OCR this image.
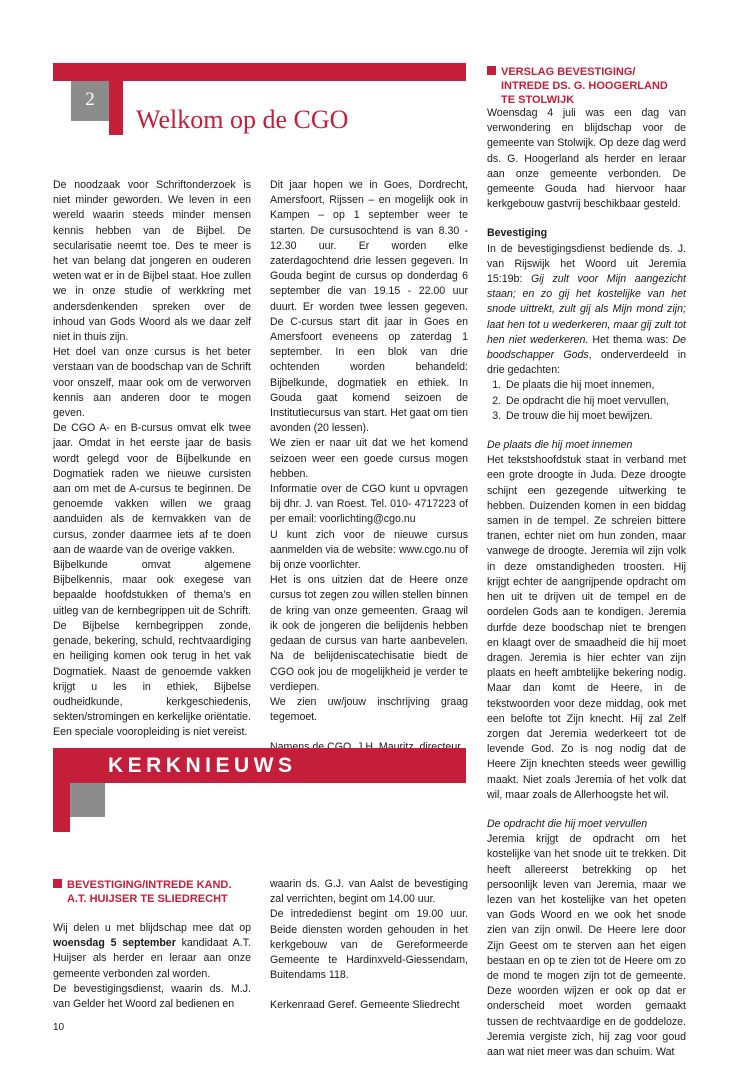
2
Welkom op de CGO

De noodzaak voor Schriftonderzoek is niet minder geworden. We leven in een wereld waarin steeds minder mensen kennis hebben van de Bijbel. De secularisatie neemt toe. Des te meer is het van belang dat jongeren en ouderen weten wat er in de Bijbel staat. Hoe zullen we in onze studie of werkkring met andersdenkenden spreken over de inhoud van Gods Woord als we daar zelf niet in thuis zijn.

Het doel van onze cursus is het beter verstaan van de boodschap van de Schrift voor onszelf, maar ook om de verworven kennis aan anderen door te mogen geven.

De CGO A- en B-cursus omvat elk twee jaar. Omdat in het eerste jaar de basis wordt gelegd voor de Bijbelkunde en Dogmatiek raden we nieuwe cursisten aan om met de A-cursus te beginnen. De genoemde vakken willen we graag aanduiden als de kernvakken van de cursus, zonder daarmee iets af te doen aan de waarde van de overige vakken.

Bijbelkunde omvat algemene Bijbelkennis, maar ook exegese van bepaalde hoofdstukken of thema’s en uitleg van de kernbegrippen uit de Schrift. De Bijbelse kernbegrippen zonde, genade, bekering, schuld, rechtvaardiging en heiliging komen ook terug in het vak Dogmatiek. Naast de genoemde vakken krijgt u les in ethiek, Bijbelse oudheidkunde, kerkgeschiedenis, sekten/stromingen en kerkelijke oriëntatie. Een speciale vooropleiding is niet vereist.

Dit jaar hopen we in Goes, Dordrecht, Amersfoort, Rijssen – en mogelijk ook in Kampen – op 1 september weer te starten. De cursusochtend is van 8.30 - 12.30 uur. Er worden elke zaterdagochtend drie lessen gegeven. In Gouda begint de cursus op donderdag 6 september die van 19.15 - 22.00 uur duurt. Er worden twee lessen gegeven. De C-cursus start dit jaar in Goes en Amersfoort eveneens op zaterdag 1 september. In een blok van drie ochtenden worden behandeld: Bijbelkunde, dogmatiek en ethiek. In Gouda gaat komend seizoen de Institutiecursus van start. Het gaat om tien avonden (20 lessen).

We zien er naar uit dat we het komend seizoen weer een goede cursus mogen hebben.

Informatie over de CGO kunt u opvragen bij dhr. J. van Roest. Tel. 010- 4717223 of per email: voorlichting@cgo.nu

U kunt zich voor de nieuwe cursus aanmelden via de website: www.cgo.nu of bij onze voorlichter.

Het is ons uitzien dat de Heere onze cursus tot zegen zou willen stellen binnen de kring van onze gemeenten. Graag wil ik ook de jongeren die belijdenis hebben gedaan de cursus van harte aanbevelen. Na de belijdeniscatechisatie biedt de CGO ook jou de mogelijkheid je verder te verdiepen.

We zien uw/jouw inschrijving graag tegemoet.

KERKNIEUWS
BEVESTIGING/INTREDE KAND.
A.T. HUIJSER TE SLIEDRECHT

Wij delen u met blijdschap mee dat op woensdag 5 september kandidaat A.T. Huijser als herder en leraar aan onze gemeente verbonden zal worden.

De bevestigingsdienst, waarin ds. M.J. van Gelder het Woord zal bedienen en

waarin ds. G.J. van Aalst de bevestiging zal verrichten, begint om 14.00 uur.

De intrededienst begint om 19.00 uur. Beide diensten worden gehouden in het kerkgebouw van de Gereformeerde Gemeente te Hardinxveld-Giessendam, Buitendams 118.

Kerkenraad Geref. Gemeente Sliedrecht

10
VERSLAG BEVESTIGING/
INTREDE DS. G. HOOGERLAND
TE STOLWIJK

Woensdag 4 juli was een dag van verwondering en blijdschap voor de gemeente van Stolwijk. Op deze dag werd ds. G. Hoogerland als herder en leraar aan onze gemeente verbonden. De gemeente Gouda had hiervoor haar kerkgebouw gastvrij beschikbaar gesteld.

Bevestiging

In de bevestigingsdienst bediende ds. J. van Rijswijk het Woord uit Jeremia 15:19b: Gij zult voor Mijn aangezicht staan; en zo gij het kostelijke van het snode uittrekt, zult gij als Mijn mond zijn; laat hen tot u wederkeren, maar gij zult tot hen niet wederkeren. Het thema was: De boodschapper Gods, onderverdeeld in drie gedachten:

1. De plaats die hij moet innemen,
2. De opdracht die hij moet vervullen,
3. De trouw die hij moet bewijzen.

De plaats die hij moet innemen

Het tekstshoofdstuk staat in verband met een grote droogte in Juda. Deze droogte schijnt een gezegende uitwerking te hebben. Duizenden komen in een biddag samen in de tempel. Ze schreien bittere tranen, echter niet om hun zonden, maar vanwege de droogte. Jeremia wil zijn volk in deze omstandigheden troosten. Hij krijgt echter de aangrijpende opdracht om hen uit te drijven uit de tempel en de oordelen Gods aan te kondigen. Jeremia durfde deze boodschap niet te brengen en klaagt over de smaadheid die hij moet dragen. Jeremia is hier echter van zijn plaats en heeft ambtelijke bekering nodig. Maar dan komt de Heere, in de tekstwoorden voor deze middag, ook met een belofte tot Zijn knecht. Hij zal Zelf zorgen dat Jeremia wederkeert tot de levende God. Zo is nog nodig dat de Heere Zijn knechten steeds weer gewillig maakt. Niet zoals Jeremia of het volk dat wil, maar zoals de Allerhoogste het wil.

De opdracht die hij moet vervullen

Jeremia krijgt de opdracht om het kostelijke van het snode uit te trekken. Dit heeft allereerst betrekking op het persoonlijk leven van Jeremia, maar we lezen van het kostelijke van het opeten van Gods Woord en we ook het snode zien van zijn onwil. De Heere lere door Zijn Geest om te sterven aan het eigen bestaan en op te zien tot de Heere om zo de mond te mogen zijn tot de gemeente. Deze woorden wijzen er ook op dat er onderscheid moet worden gemaakt tussen de rechtvaardige en de goddeloze. Jeremia vergiste zich, hij zag voor goud aan wat niet meer was dan schuim. Wat
